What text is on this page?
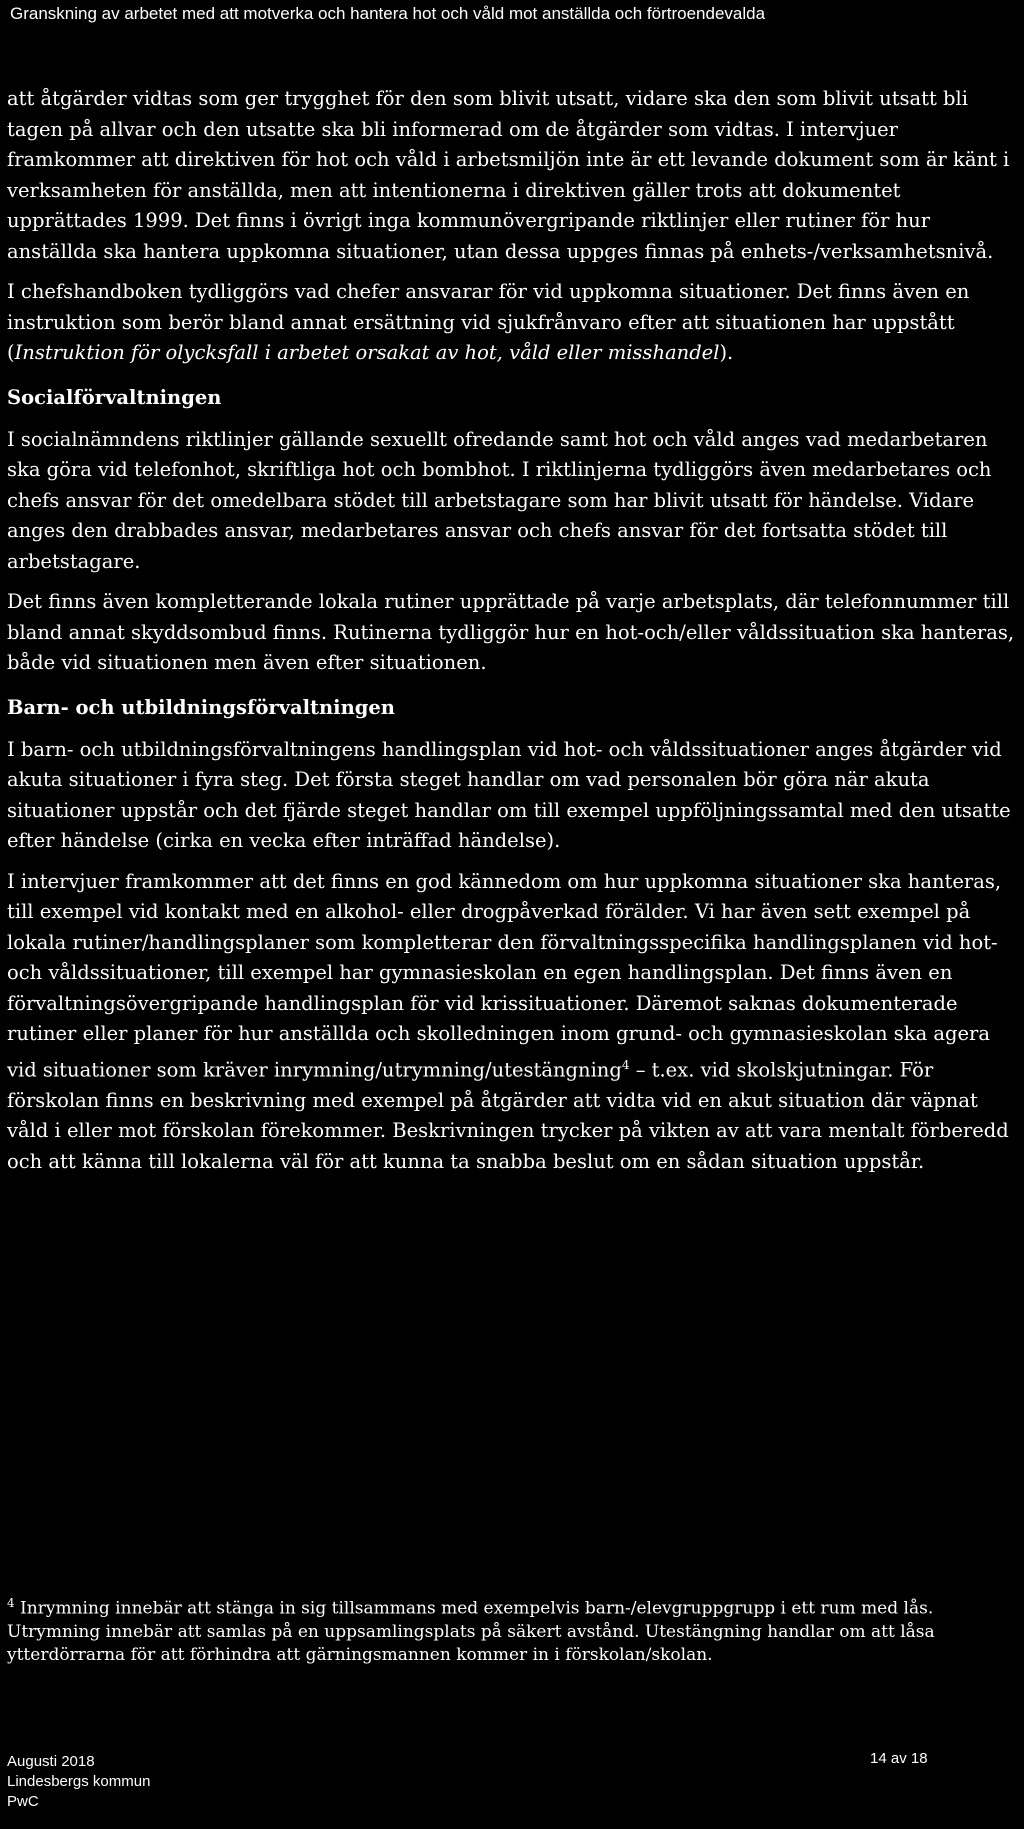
Granskning av arbetet med att motverka och hantera hot och våld mot anställda och förtroendevalda

att åtgärder vidtas som ger trygghet för den som blivit utsatt, vidare ska den som blivit utsatt bli tagen på allvar och den utsatte ska bli informerad om de åtgärder som vidtas. I intervjuer framkommer att direktiven för hot och våld i arbetsmiljön inte är ett levande dokument som är känt i verksamheten för anställda, men att intentionerna i direktiven gäller trots att dokumentet upprättades 1999. Det finns i övrigt inga kommunövergripande riktlinjer eller rutiner för hur anställda ska hantera uppkomna situationer, utan dessa uppges finnas på enhets-/verksamhetsnivå.

I chefshandboken tydliggörs vad chefer ansvarar för vid uppkomna situationer. Det finns även en instruktion som berör bland annat ersättning vid sjukfrånvaro efter att situationen har uppstått (Instruktion för olycksfall i arbetet orsakat av hot, våld eller misshandel).

Socialförvaltningen

I socialnämndens riktlinjer gällande sexuellt ofredande samt hot och våld anges vad medarbetaren ska göra vid telefonhot, skriftliga hot och bombhot. I riktlinjerna tydliggörs även medarbetares och chefs ansvar för det omedelbara stödet till arbetstagare som har blivit utsatt för händelse. Vidare anges den drabbades ansvar, medarbetares ansvar och chefs ansvar för det fortsatta stödet till arbetstagare.

Det finns även kompletterande lokala rutiner upprättade på varje arbetsplats, där telefonnummer till bland annat skyddsombud finns. Rutinerna tydliggör hur en hot-och/eller våldssituation ska hanteras, både vid situationen men även efter situationen.

Barn- och utbildningsförvaltningen

I barn- och utbildningsförvaltningens handlingsplan vid hot- och våldssituationer anges åtgärder vid akuta situationer i fyra steg. Det första steget handlar om vad personalen bör göra när akuta situationer uppstår och det fjärde steget handlar om till exempel uppföljningssamtal med den utsatte efter händelse (cirka en vecka efter inträffad händelse).

I intervjuer framkommer att det finns en god kännedom om hur uppkomna situationer ska hanteras, till exempel vid kontakt med en alkohol- eller drogpåverkad förälder. Vi har även sett exempel på lokala rutiner/handlingsplaner som kompletterar den förvaltningsspecifika handlingsplanen vid hot- och våldssituationer, till exempel har gymnasieskolan en egen handlingsplan. Det finns även en förvaltningsövergripande handlingsplan för vid krissituationer. Däremot saknas dokumenterade rutiner eller planer för hur anställda och skolledningen inom grund- och gymnasieskolan ska agera vid situationer som kräver inrymning/utrymning/utestängning$^4$ – t.ex. vid skolskjutningar. För förskolan finns en beskrivning med exempel på åtgärder att vidta vid en akut situation där väpnat våld i eller mot förskolan förekommer. Beskrivningen trycker på vikten av att vara mentalt förberedd och att känna till lokalerna väl för att kunna ta snabba beslut om en sådan situation uppstår.

$^4$ Inrymning innebär att stänga in sig tillsammans med exempelvis barn-/elevgruppgrupp i ett rum med lås. Utrymning innebär att samlas på en uppsamlingsplats på säkert avstånd. Utestängning handlar om att låsa ytterdörrarna för att förhindra att gärningsmannen kommer in i förskolan/skolan.
Augusti 2018
Lindesbergs kommun
PwC
14 av 18
